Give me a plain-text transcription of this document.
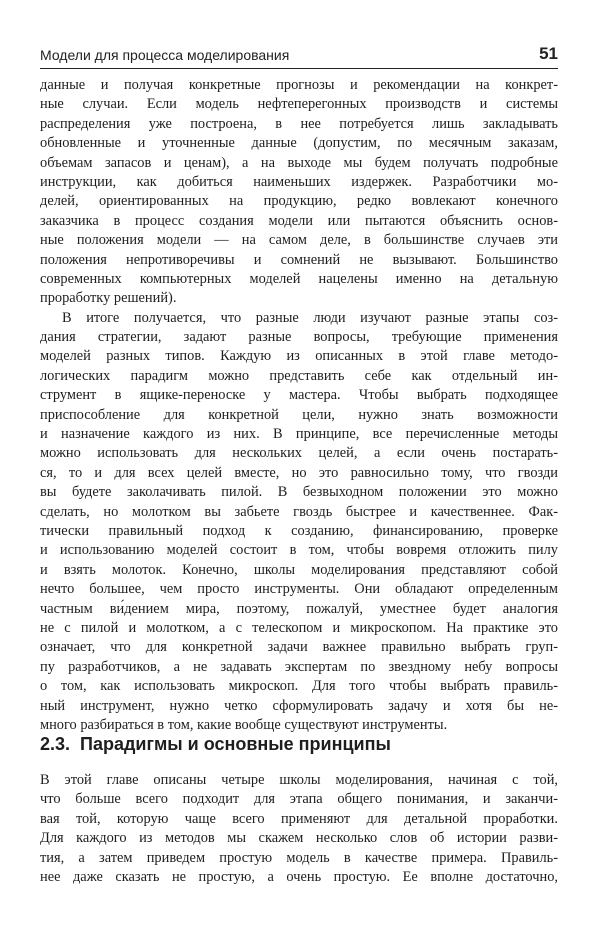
Модели для процесса моделирования	51
данные и получая конкретные прогнозы и рекомендации на конкрет-
ные случаи. Если модель нефтеперегонных производств и системы
распределения уже построена, в нее потребуется лишь закладывать
обновленные и уточненные данные (допустим, по месячным заказам,
объемам запасов и ценам), а на выходе мы будем получать подробные
инструкции, как добиться наименьших издержек. Разработчики мо-
делей, ориентированных на продукцию, редко вовлекают конечного
заказчика в процесс создания модели или пытаются объяснить основ-
ные положения модели — на самом деле, в большинстве случаев эти
положения непротиворечивы и сомнений не вызывают. Большинство
современных компьютерных моделей нацелены именно на детальную
проработку решений).
В итоге получается, что разные люди изучают разные этапы соз-
дания стратегии, задают разные вопросы, требующие применения
моделей разных типов. Каждую из описанных в этой главе методо-
логических парадигм можно представить себе как отдельный ин-
струмент в ящике-переноске у мастера. Чтобы выбрать подходящее
приспособление для конкретной цели, нужно знать возможности
и назначение каждого из них. В принципе, все перечисленные методы
можно использовать для нескольких целей, а если очень постарать-
ся, то и для всех целей вместе, но это равносильно тому, что гвозди
вы будете заколачивать пилой. В безвыходном положении это можно
сделать, но молотком вы забьете гвоздь быстрее и качественнее. Фак-
тически правильный подход к созданию, финансированию, проверке
и использованию моделей состоит в том, чтобы вовремя отложить пилу
и взять молоток. Конечно, школы моделирования представляют собой
нечто большее, чем просто инструменты. Они обладают определенным
частным ви́дением мира, поэтому, пожалуй, уместнее будет аналогия
не с пилой и молотком, а с телескопом и микроскопом. На практике это
означает, что для конкретной задачи важнее правильно выбрать груп-
пу разработчиков, а не задавать экспертам по звездному небу вопросы
о том, как использовать микроскоп. Для того чтобы выбрать правиль-
ный инструмент, нужно четко сформулировать задачу и хотя бы не-
много разбираться в том, какие вообще существуют инструменты.
2.3. Парадигмы и основные принципы
В этой главе описаны четыре школы моделирования, начиная с той,
что больше всего подходит для этапа общего понимания, и заканчи-
вая той, которую чаще всего применяют для детальной проработки.
Для каждого из методов мы скажем несколько слов об истории разви-
тия, а затем приведем простую модель в качестве примера. Правиль-
нее даже сказать не простую, а очень простую. Ее вполне достаточно,
